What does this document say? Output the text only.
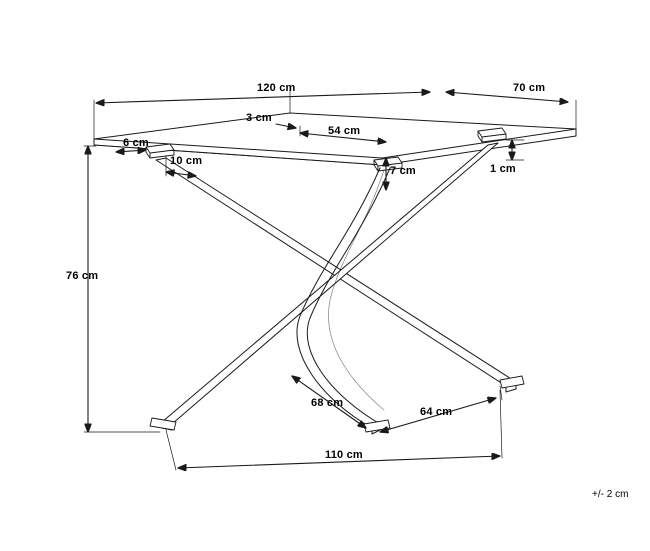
120 cm	70 cm
3 cm
54 cm
6 cm
10 cm
7 cm	1 cm
76 cm
68 cm
64 cm
110 cm
+/- 2 cm
